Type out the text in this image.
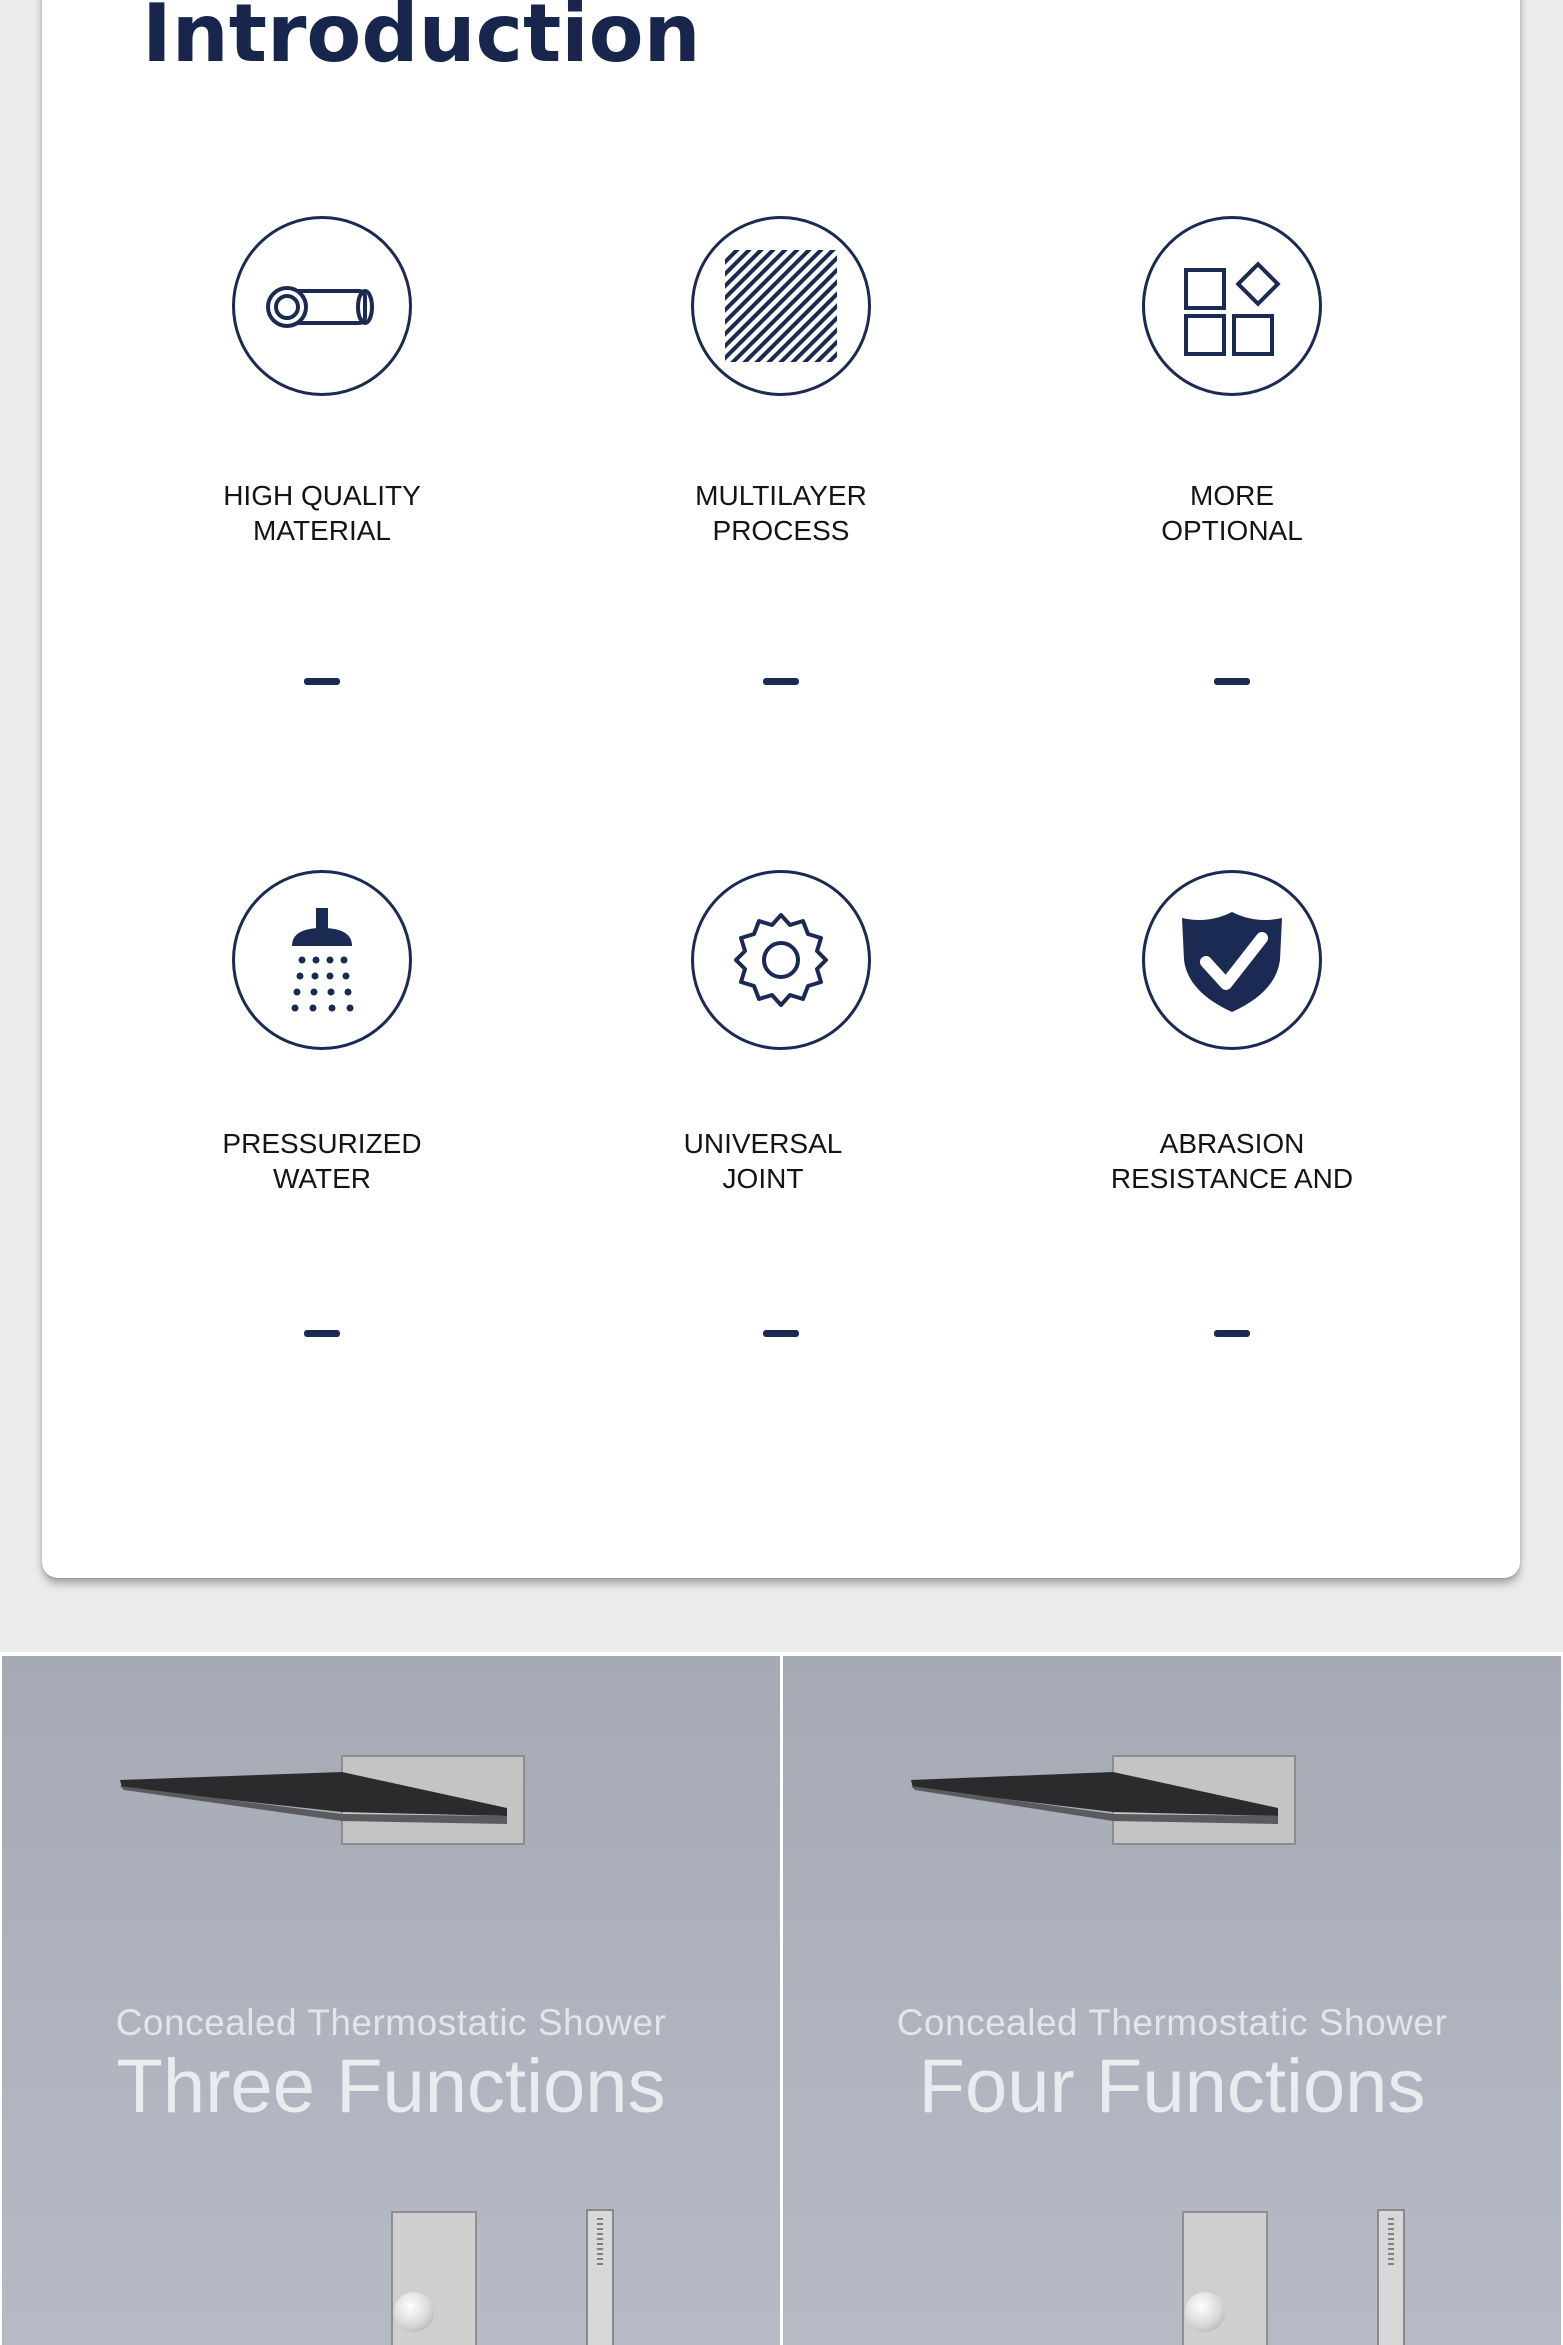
Introduction
HIGH QUALITY
MATERIAL
MULTILAYER
PROCESS
MORE
OPTIONAL
PRESSURIZED
WATER
UNIVERSAL
JOINT
ABRASION
RESISTANCE AND
Concealed Thermostatic Shower
Three Functions
Concealed Thermostatic Shower
Four Functions
